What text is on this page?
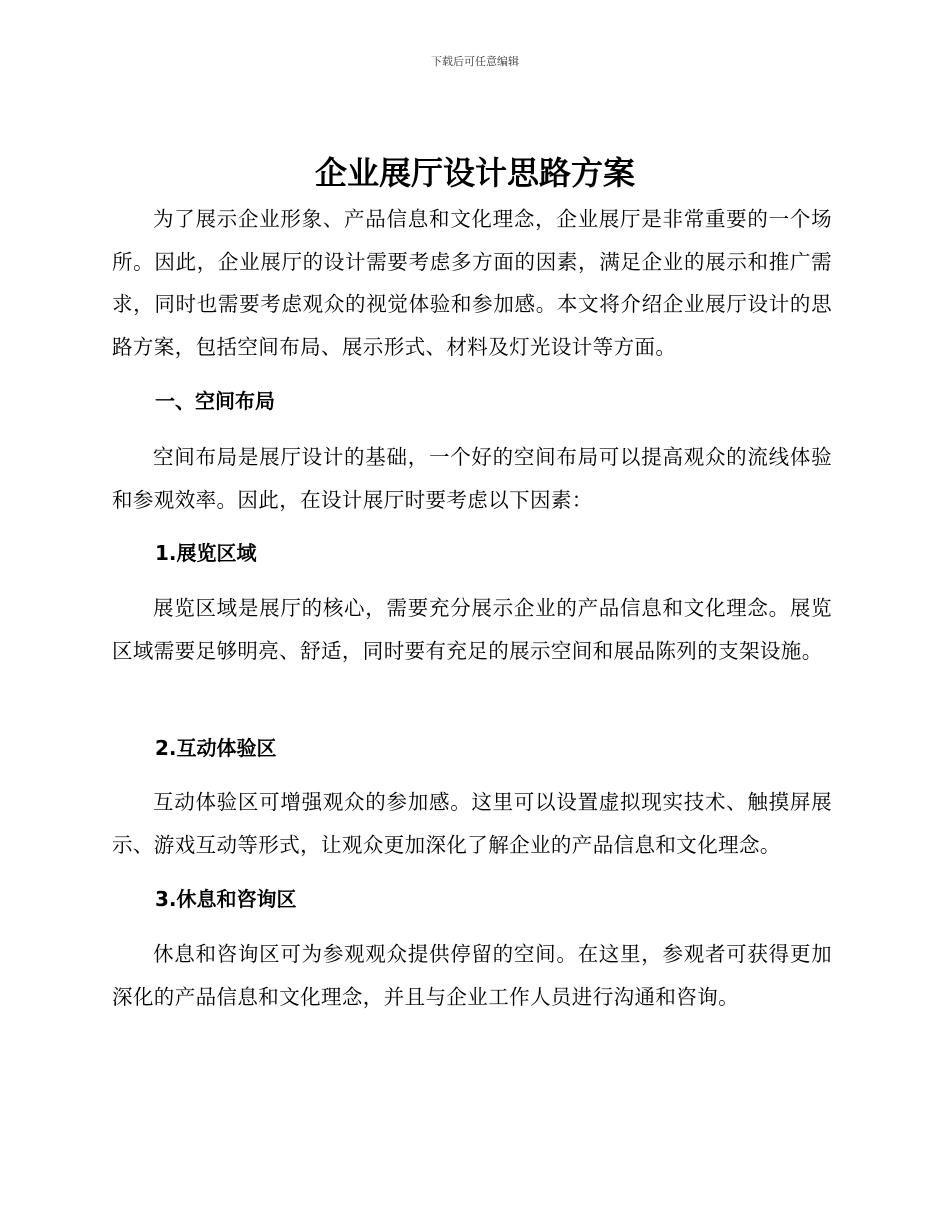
下载后可任意编辑
企业展厅设计思路方案

为了展示企业形象、产品信息和文化理念，企业展厅是非常重要的一个场所。因此，企业展厅的设计需要考虑多方面的因素，满足企业的展示和推广需求，同时也需要考虑观众的视觉体验和参加感。本文将介绍企业展厅设计的思路方案，包括空间布局、展示形式、材料及灯光设计等方面。

一、空间布局

空间布局是展厅设计的基础，一个好的空间布局可以提高观众的流线体验和参观效率。因此，在设计展厅时要考虑以下因素：

1.展览区域

展览区域是展厅的核心，需要充分展示企业的产品信息和文化理念。展览区域需要足够明亮、舒适，同时要有充足的展示空间和展品陈列的支架设施。

2.互动体验区

互动体验区可增强观众的参加感。这里可以设置虚拟现实技术、触摸屏展示、游戏互动等形式，让观众更加深化了解企业的产品信息和文化理念。

3.休息和咨询区

休息和咨询区可为参观观众提供停留的空间。在这里，参观者可获得更加深化的产品信息和文化理念，并且与企业工作人员进行沟通和咨询。
